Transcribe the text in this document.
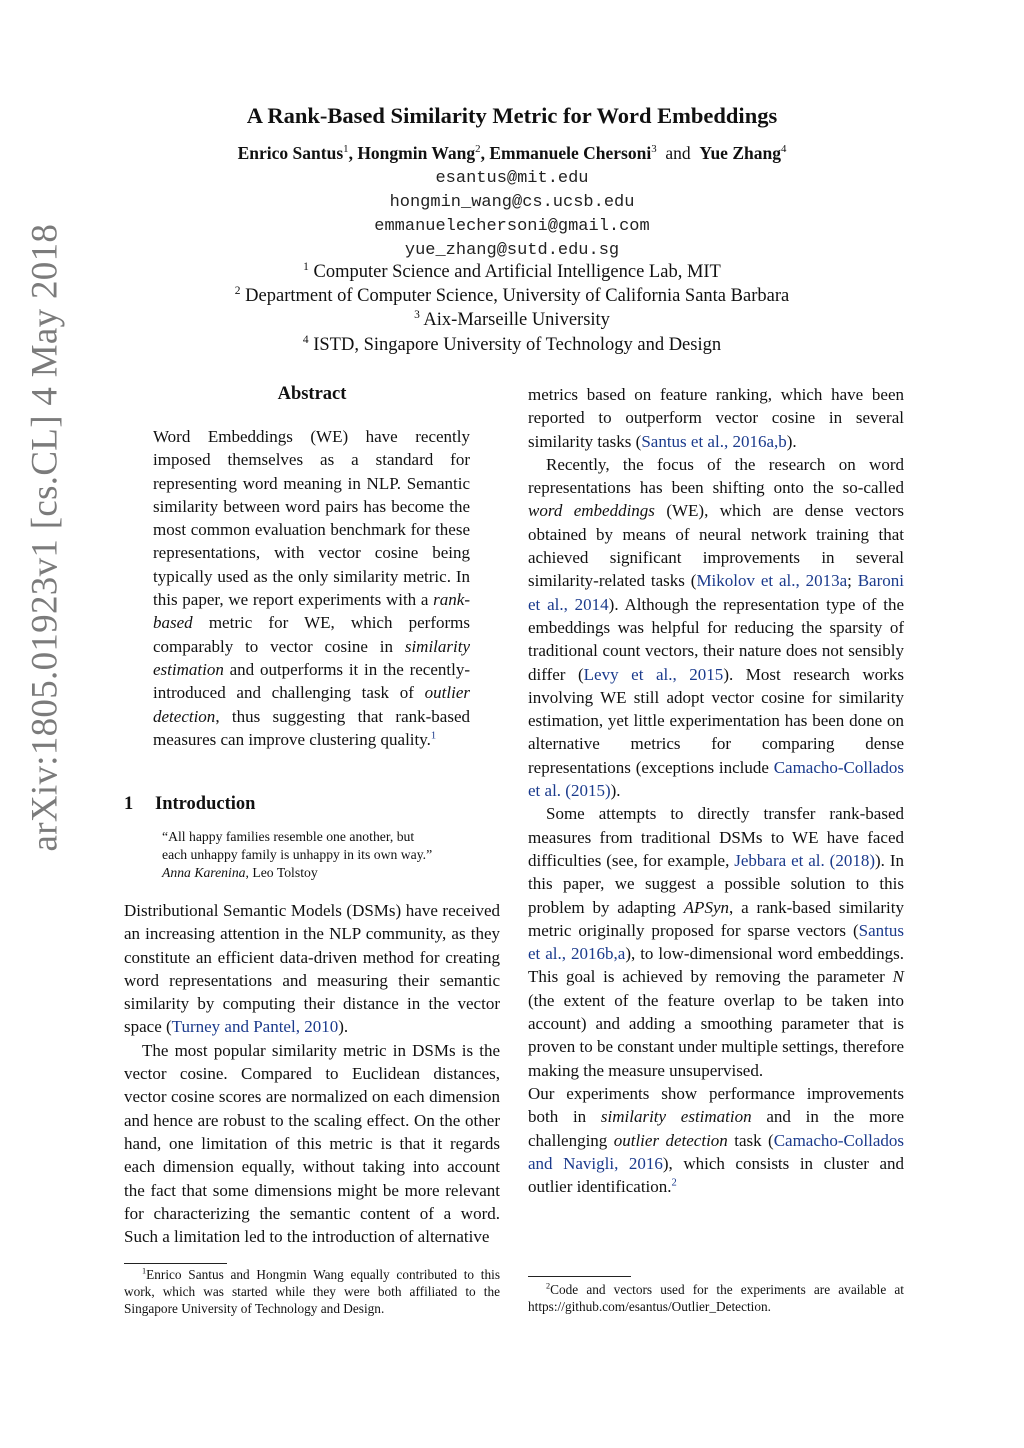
arXiv:1805.01923v1 [cs.CL] 4 May 2018
A Rank-Based Similarity Metric for Word Embeddings
Enrico Santus$^1$, Hongmin Wang$^2$, Emmanuele Chersoni$^3$ and Yue Zhang$^4$
esantus@mit.edu
hongmin_wang@cs.ucsb.edu
emmanuelechersoni@gmail.com
yue_zhang@sutd.edu.sg
$^1$ Computer Science and Artificial Intelligence Lab, MIT
$^2$ Department of Computer Science, University of California Santa Barbara
$^3$ Aix-Marseille University
$^4$ ISTD, Singapore University of Technology and Design
Abstract
Word Embeddings (WE) have recently imposed themselves as a standard for representing word meaning in NLP. Semantic similarity between word pairs has become the most common evaluation benchmark for these representations, with vector cosine being typically used as the only similarity metric. In this paper, we report experiments with a rank-based metric for WE, which performs comparably to vector cosine in similarity estimation and outperforms it in the recently-introduced and challenging task of outlier detection, thus suggesting that rank-based measures can improve clustering quality.$^1$
1 Introduction
“All happy families resemble one another, but
each unhappy family is unhappy in its own way.”
Anna Karenina, Leo Tolstoy

Distributional Semantic Models (DSMs) have received an increasing attention in the NLP community, as they constitute an efficient data-driven method for creating word representations and measuring their semantic similarity by computing their distance in the vector space (Turney and Pantel, 2010).

The most popular similarity metric in DSMs is the vector cosine. Compared to Euclidean distances, vector cosine scores are normalized on each dimension and hence are robust to the scaling effect. On the other hand, one limitation of this metric is that it regards each dimension equally, without taking into account the fact that some dimensions might be more relevant for characterizing the semantic content of a word. Such a limitation led to the introduction of alternative

$^1$Enrico Santus and Hongmin Wang equally contributed to this work, which was started while they were both affiliated to the Singapore University of Technology and Design.

metrics based on feature ranking, which have been reported to outperform vector cosine in several similarity tasks (Santus et al., 2016a,b).

Recently, the focus of the research on word representations has been shifting onto the so-called word embeddings (WE), which are dense vectors obtained by means of neural network training that achieved significant improvements in several similarity-related tasks (Mikolov et al., 2013a; Baroni et al., 2014). Although the representation type of the embeddings was helpful for reducing the sparsity of traditional count vectors, their nature does not sensibly differ (Levy et al., 2015). Most research works involving WE still adopt vector cosine for similarity estimation, yet little experimentation has been done on alternative metrics for comparing dense representations (exceptions include Camacho-Collados et al. (2015)).

Some attempts to directly transfer rank-based measures from traditional DSMs to WE have faced difficulties (see, for example, Jebbara et al. (2018)). In this paper, we suggest a possible solution to this problem by adapting APSyn, a rank-based similarity metric originally proposed for sparse vectors (Santus et al., 2016b,a), to low-dimensional word embeddings. This goal is achieved by removing the parameter N (the extent of the feature overlap to be taken into account) and adding a smoothing parameter that is proven to be constant under multiple settings, therefore making the measure unsupervised.

Our experiments show performance improvements both in similarity estimation and in the more challenging outlier detection task (Camacho-Collados and Navigli, 2016), which consists in cluster and outlier identification.$^2$

$^2$Code and vectors used for the experiments are available at https://github.com/esantus/Outlier_Detection.
